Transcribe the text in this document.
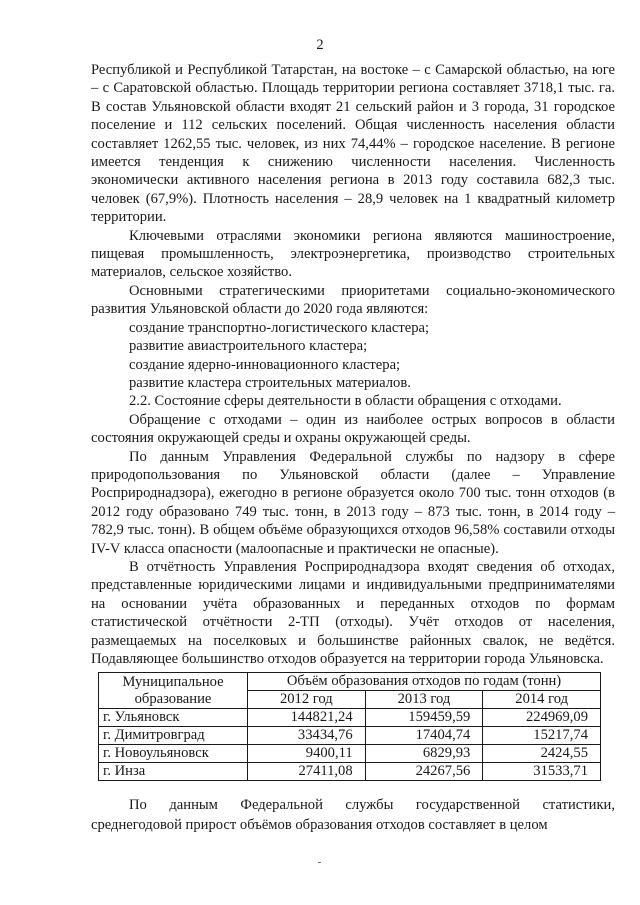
2

Республикой и Республикой Татарстан, на востоке – с Самарской областью, на юге – с Саратовской областью. Площадь территории региона составляет 3718,1 тыс. га. В состав Ульяновской области входят 21 сельский район и 3 города, 31 городское поселение и 112 сельских поселений. Общая численность населения области составляет 1262,55 тыс. человек, из них 74,44% – городское население. В регионе имеется тенденция к снижению численности населения. Численность экономически активного населения региона в 2013 году составила 682,3 тыс. человек (67,9%). Плотность населения – 28,9 человек на 1 квадратный километр территории.

Ключевыми отраслями экономики региона являются машиностроение, пищевая промышленность, электроэнергетика, производство строительных материалов, сельское хозяйство.

Основными стратегическими приоритетами социально-экономического развития Ульяновской области до 2020 года являются:

создание транспортно-логистического кластера;

развитие авиастроительного кластера;

создание ядерно-инновационного кластера;

развитие кластера строительных материалов.

2.2. Состояние сферы деятельности в области обращения с отходами.

Обращение с отходами – один из наиболее острых вопросов в области состояния окружающей среды и охраны окружающей среды.

По данным Управления Федеральной службы по надзору в сфере природопользования по Ульяновской области (далее – Управление Росприроднадзора), ежегодно в регионе образуется около 700 тыс. тонн отходов (в 2012 году образовано 749 тыс. тонн, в 2013 году – 873 тыс. тонн, в 2014 году – 782,9 тыс. тонн). В общем объёме образующихся отходов 96,58% составили отходы IV-V класса опасности (малоопасные и практически не опасные).

В отчётность Управления Росприроднадзора входят сведения об отходах, представленные юридическими лицами и индивидуальными предпринимателями на основании учёта образованных и переданных отходов по формам статистической отчётности 2-ТП (отходы). Учёт отходов от населения, размещаемых на поселковых и большинстве районных свалок, не ведётся. Подавляющее большинство отходов образуется на территории города Ульяновска.

Муниципальное образование	Объём образования отходов по годам (тонн)		
	2012 год	2013 год	2014 год
г. Ульяновск	144821,24	159459,59	224969,09
г. Димитровград	33434,76	17404,74	15217,74
г. Новоульяновск	9400,11	6829,93	2424,55
г. Инза	27411,08	24267,56	31533,71

По данным Федеральной службы государственной статистики, среднегодовой прирост объёмов образования отходов составляет в целом
